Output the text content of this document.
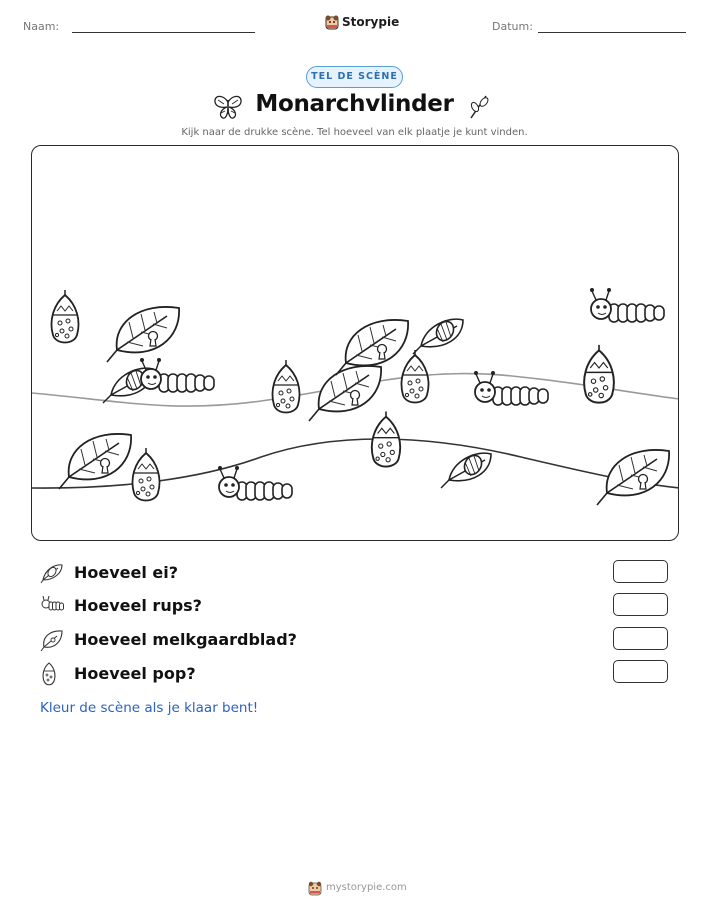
Naam:	Storypie	Datum:
TEL DE SCÈNE
Monarchvlinder
Kijk naar de drukke scène. Tel hoeveel van elk plaatje je kunt vinden.
Hoeveel ei?
Hoeveel rups?
Hoeveel melkgaardblad?
Hoeveel pop?
Kleur de scène als je klaar bent!
mystorypie.com
